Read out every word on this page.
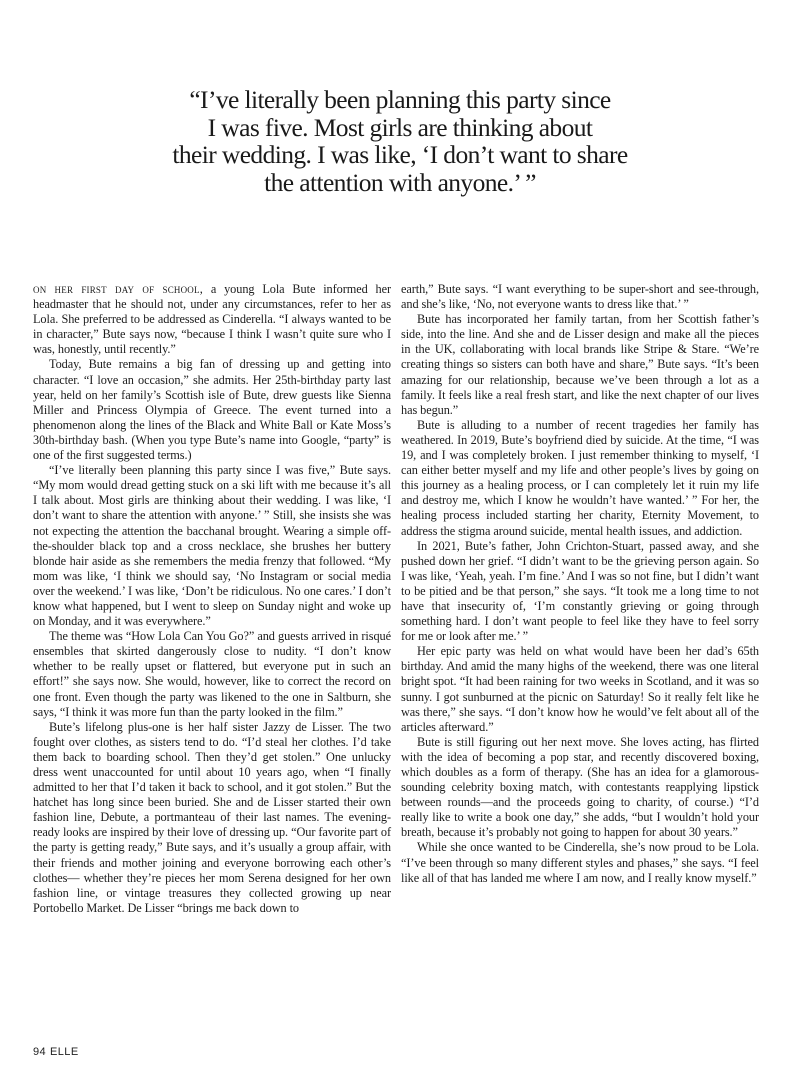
“I’ve literally been planning this party since
I was five. Most girls are thinking about
their wedding. I was like, ‘I don’t want to share
the attention with anyone.’ ”

on her first day of school, a young Lola Bute informed her headmaster that he should not, under any circumstances, refer to her as Lola. She preferred to be addressed as Cinderella. “I always wanted to be in character,” Bute says now, “because I think I wasn’t quite sure who I was, honestly, until recently.”

Today, Bute remains a big fan of dressing up and getting into character. “I love an occasion,” she admits. Her 25th-birthday party last year, held on her family’s Scottish isle of Bute, drew guests like Sienna Miller and Princess Olympia of Greece. The event turned into a phenomenon along the lines of the Black and White Ball or Kate Moss’s 30th-birthday bash. (When you type Bute’s name into Google, “party” is one of the first suggested terms.)

“I’ve literally been planning this party since I was five,” Bute says. “My mom would dread getting stuck on a ski lift with me because it’s all I talk about. Most girls are thinking about their wedding. I was like, ‘I don’t want to share the attention with anyone.’ ” Still, she insists she was not expecting the attention the bacchanal brought. Wearing a simple off-the-shoulder black top and a cross necklace, she brushes her buttery blonde hair aside as she remembers the media frenzy that followed. “My mom was like, ‘I think we should say, ‘No Instagram or social media over the weekend.’ I was like, ‘Don’t be ridiculous. No one cares.’ I don’t know what happened, but I went to sleep on Sunday night and woke up on Monday, and it was everywhere.”

The theme was “How Lola Can You Go?” and guests arrived in risqué ensembles that skirted dangerously close to nudity. “I don’t know whether to be really upset or flattered, but everyone put in such an effort!” she says now. She would, however, like to correct the record on one front. Even though the party was likened to the one in Saltburn, she says, “I think it was more fun than the party looked in the film.”

Bute’s lifelong plus-one is her half sister Jazzy de Lisser. The two fought over clothes, as sisters tend to do. “I’d steal her clothes. I’d take them back to boarding school. Then they’d get stolen.” One unlucky dress went unaccounted for until about 10 years ago, when “I finally admitted to her that I’d taken it back to school, and it got stolen.” But the hatchet has long since been buried. She and de Lisser started their own fashion line, Debute, a portmanteau of their last names. The evening-ready looks are inspired by their love of dressing up. “Our favorite part of the party is getting ready,” Bute says, and it’s usually a group affair, with their friends and mother joining and everyone borrowing each other’s clothes— whether they’re pieces her mom Serena designed for her own fashion line, or vintage treasures they collected growing up near Portobello Market. De Lisser “brings me back down to

earth,” Bute says. “I want everything to be super-short and see-through, and she’s like, ‘No, not everyone wants to dress like that.’ ”

Bute has incorporated her family tartan, from her Scottish father’s side, into the line. And she and de Lisser design and make all the pieces in the UK, collaborating with local brands like Stripe & Stare. “We’re creating things so sisters can both have and share,” Bute says. “It’s been amazing for our relationship, because we’ve been through a lot as a family. It feels like a real fresh start, and like the next chapter of our lives has begun.”

Bute is alluding to a number of recent tragedies her family has weathered. In 2019, Bute’s boyfriend died by suicide. At the time, “I was 19, and I was completely broken. I just remember thinking to myself, ‘I can either better myself and my life and other people’s lives by going on this journey as a healing process, or I can completely let it ruin my life and destroy me, which I know he wouldn’t have wanted.’ ” For her, the healing process included starting her charity, Eternity Movement, to address the stigma around suicide, mental health issues, and addiction.

In 2021, Bute’s father, John Crichton-Stuart, passed away, and she pushed down her grief. “I didn’t want to be the grieving person again. So I was like, ‘Yeah, yeah. I’m fine.’ And I was so not fine, but I didn’t want to be pitied and be that person,” she says. “It took me a long time to not have that insecurity of, ‘I’m constantly grieving or going through something hard. I don’t want people to feel like they have to feel sorry for me or look after me.’ ”

Her epic party was held on what would have been her dad’s 65th birthday. And amid the many highs of the weekend, there was one literal bright spot. “It had been raining for two weeks in Scotland, and it was so sunny. I got sunburned at the picnic on Saturday! So it really felt like he was there,” she says. “I don’t know how he would’ve felt about all of the articles afterward.”

Bute is still figuring out her next move. She loves acting, has flirted with the idea of becoming a pop star, and recently discovered boxing, which doubles as a form of therapy. (She has an idea for a glamorous-sounding celebrity boxing match, with contestants reapplying lipstick between rounds—and the proceeds going to charity, of course.) “I’d really like to write a book one day,” she adds, “but I wouldn’t hold your breath, because it’s probably not going to happen for about 30 years.”

While she once wanted to be Cinderella, she’s now proud to be Lola. “I’ve been through so many different styles and phases,” she says. “I feel like all of that has landed me where I am now, and I really know myself.”

94 ELLE
